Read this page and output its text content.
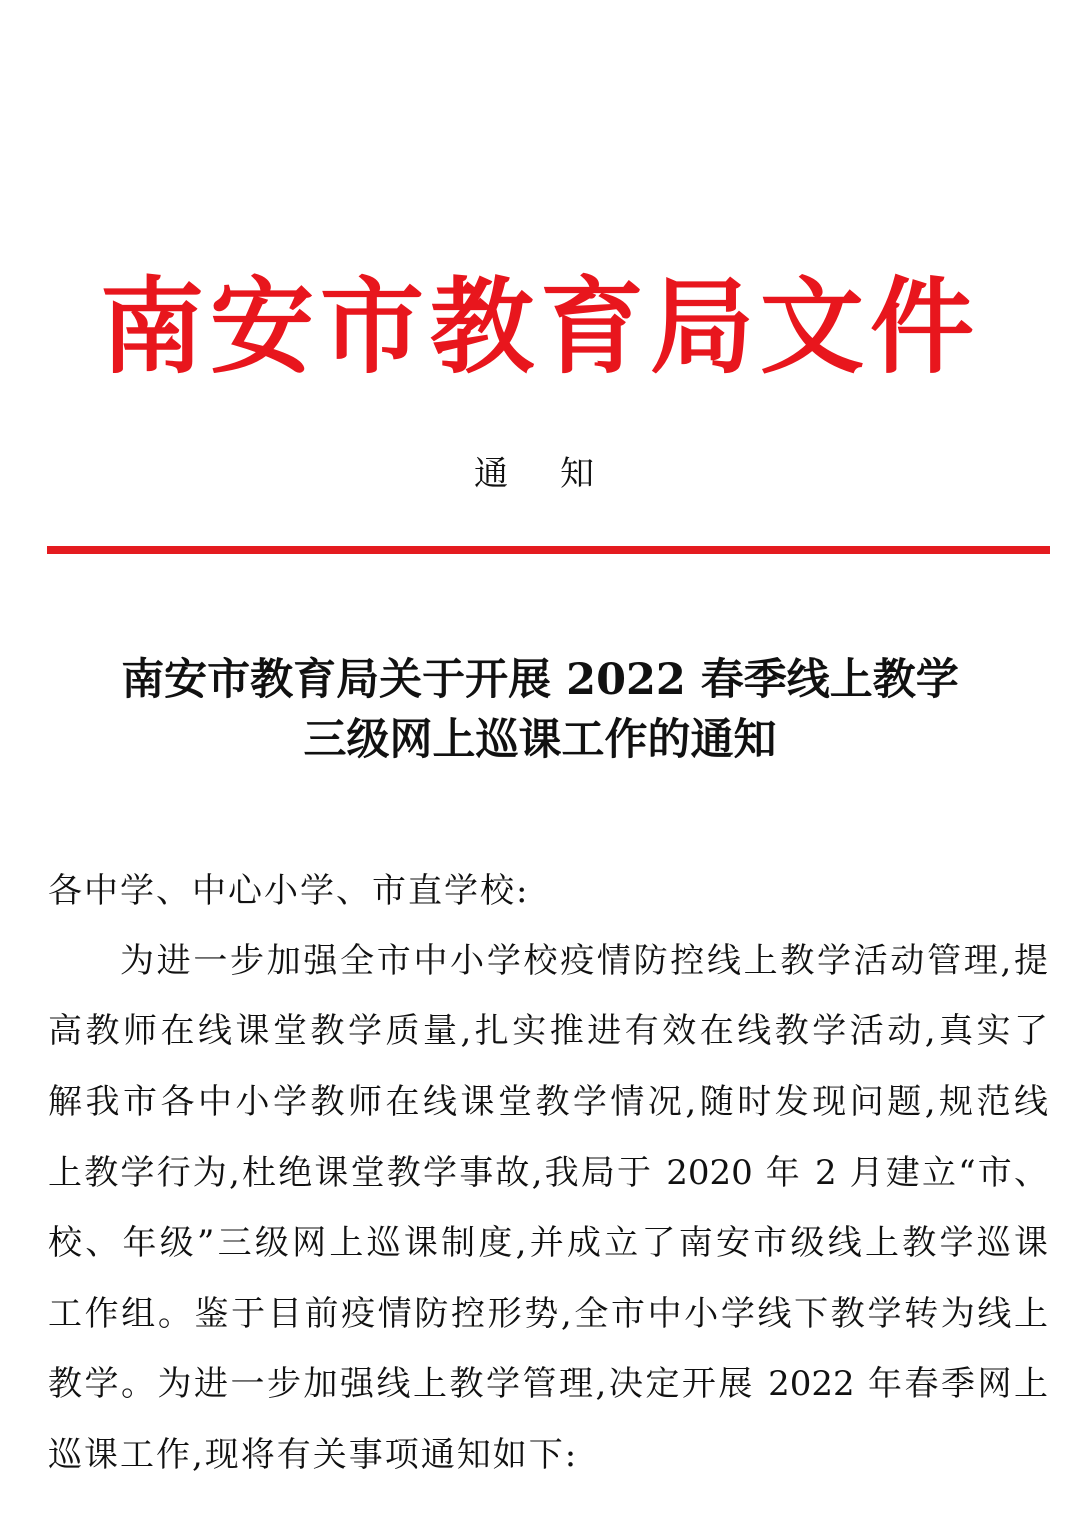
南安市教育局文件
通知
南安市教育局关于开展 2022 春季线上教学
三级网上巡课工作的通知
各中学、中心小学、市直学校:
为进一步加强全市中小学校疫情防控线上教学活动管理,提
高教师在线课堂教学质量,扎实推进有效在线教学活动,真实了
解我市各中小学教师在线课堂教学情况,随时发现问题,规范线
上教学行为,杜绝课堂教学事故,我局于 2020 年 2 月建立“市、
校、年级”三级网上巡课制度,并成立了南安市级线上教学巡课
工作组。鉴于目前疫情防控形势,全市中小学线下教学转为线上
教学。为进一步加强线上教学管理,决定开展 2022 年春季网上
巡课工作,现将有关事项通知如下:
